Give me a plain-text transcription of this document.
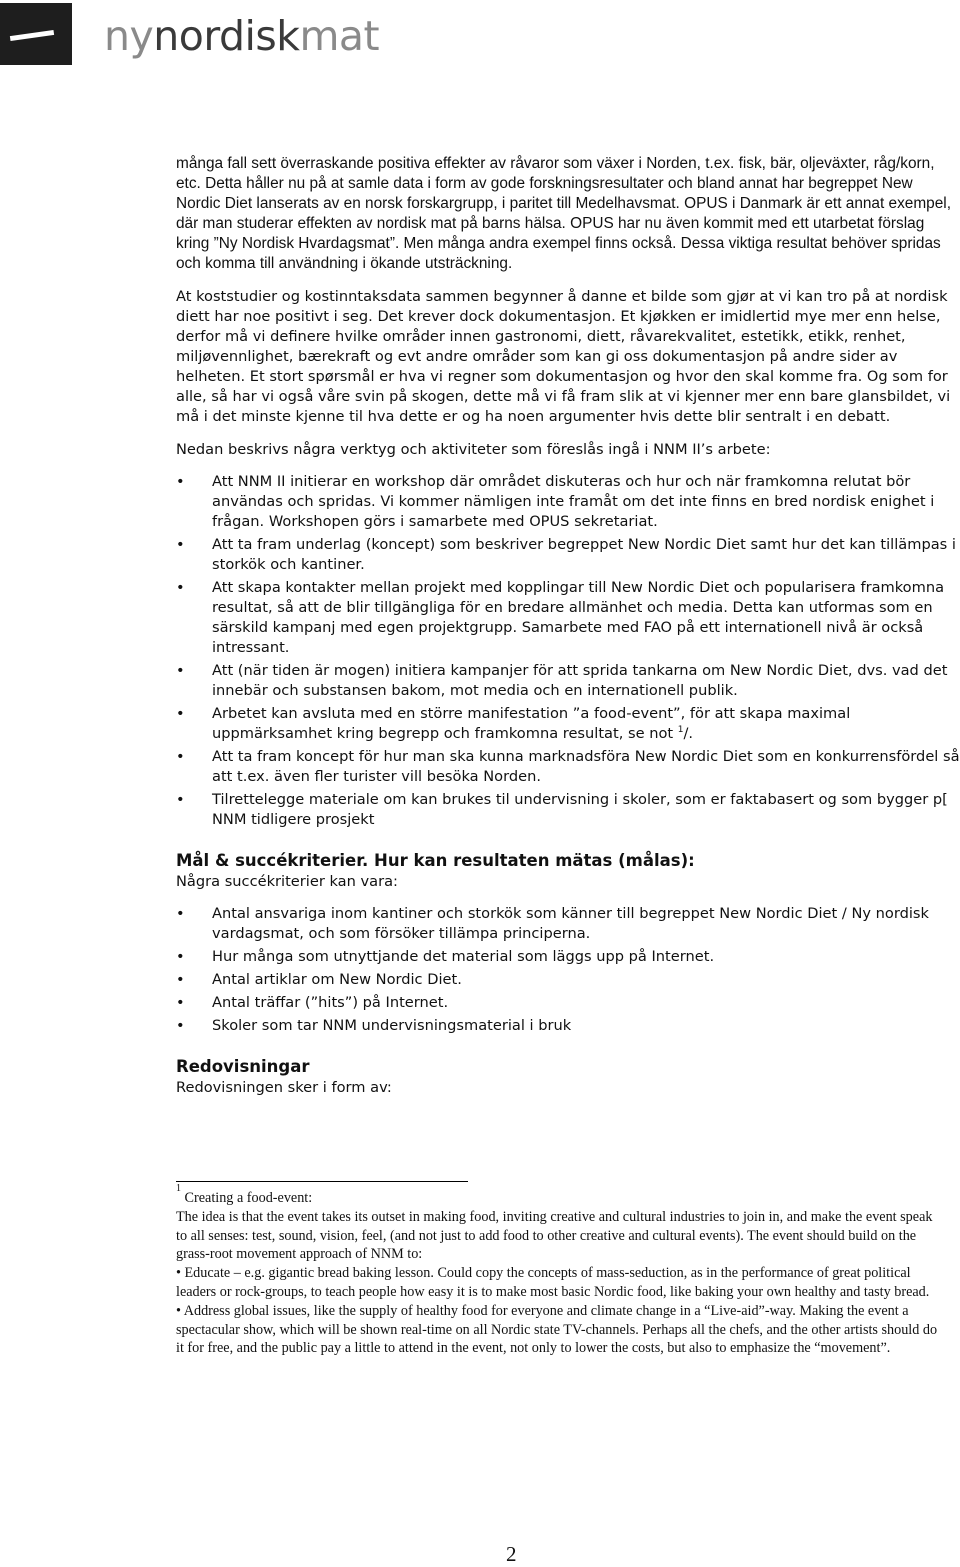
nynordiskmat

många fall sett överraskande positiva effekter av råvaror som växer i Norden, t.ex. fisk, bär, oljeväxter, råg/korn, etc. Detta håller nu på at samle data i form av gode forskningsresultater och bland annat har begreppet New Nordic Diet lanserats av en norsk forskargrupp, i paritet till Medelhavsmat. OPUS i Danmark är ett annat exempel, där man studerar effekten av nordisk mat på barns hälsa. OPUS har nu även kommit med ett utarbetat förslag kring ”Ny Nordisk Hvardagsmat”. Men många andra exempel finns också. Dessa viktiga resultat behöver spridas och komma till användning i ökande utsträckning.

At koststudier og kostinntaksdata sammen begynner å danne et bilde som gjør at vi kan tro på at nordisk diett har noe positivt i seg. Det krever dock dokumentasjon. Et kjøkken er imidlertid mye mer enn helse, derfor må vi definere hvilke områder innen gastronomi, diett, råvarekvalitet, estetikk, etikk, renhet, miljøvennlighet, bærekraft og evt andre områder som kan gi oss dokumentasjon på andre sider av helheten. Et stort spørsmål er hva vi regner som dokumentasjon og hvor den skal komme fra. Og som for alle, så har vi også våre svin på skogen, dette må vi få fram slik at vi kjenner mer enn bare glansbildet, vi må i det minste kjenne til hva dette er og ha noen argumenter hvis dette blir sentralt i en debatt.

Nedan beskrivs några verktyg och aktiviteter som föreslås ingå i NNM II’s arbete:

• Att NNM II initierar en workshop där området diskuteras och hur och när framkomna relutat bör användas och spridas. Vi kommer nämligen inte framåt om det inte finns en bred nordisk enighet i frågan. Workshopen görs i samarbete med OPUS sekretariat.
• Att ta fram underlag (koncept) som beskriver begreppet New Nordic Diet samt hur det kan tillämpas i storkök och kantiner.
• Att skapa kontakter mellan projekt med kopplingar till New Nordic Diet och popularisera framkomna resultat, så att de blir tillgängliga för en bredare allmänhet och media. Detta kan utformas som en särskild kampanj med egen projektgrupp. Samarbete med FAO på ett internationell nivå är också intressant.
• Att (när tiden är mogen) initiera kampanjer för att sprida tankarna om New Nordic Diet, dvs. vad det innebär och substansen bakom, mot media och en internationell publik.
• Arbetet kan avsluta med en större manifestation ”a food-event”, för att skapa maximal uppmärksamhet kring begrepp och framkomna resultat, se not $^1$/.
• Att ta fram koncept för hur man ska kunna marknadsföra New Nordic Diet som en konkurrensfördel så att t.ex. även fler turister vill besöka Norden.
• Tilrettelegge materiale om kan brukes til undervisning i skoler, som er faktabasert og som bygger p[ NNM tidligere prosjekt
Mål & succékriterier. Hur kan resultaten mätas (målas):

Några succékriterier kan vara:

• Antal ansvariga inom kantiner och storkök som känner till begreppet New Nordic Diet / Ny nordisk vardagsmat, och som försöker tillämpa principerna.
• Hur många som utnyttjande det material som läggs upp på Internet.
• Antal artiklar om New Nordic Diet.
• Antal träffar (”hits”) på Internet.
• Skoler som tar NNM undervisningsmaterial i bruk
Redovisningar

Redovisningen sker i form av:

$^1$ Creating a food-event:

The idea is that the event takes its outset in making food, inviting creative and cultural industries to join in, and make the event speak to all senses: test, sound, vision, feel, (and not just to add food to other creative and cultural events). The event should build on the grass-root movement approach of NNM to:

• Educate – e.g. gigantic bread baking lesson. Could copy the concepts of mass-seduction, as in the performance of great political leaders or rock-groups, to teach people how easy it is to make most basic Nordic food, like baking your own healthy and tasty bread.

• Address global issues, like the supply of healthy food for everyone and climate change in a “Live-aid”-way. Making the event a spectacular show, which will be shown real-time on all Nordic state TV-channels. Perhaps all the chefs, and the other artists should do it for free, and the public pay a little to attend in the event, not only to lower the costs, but also to emphasize the “movement”.

2
